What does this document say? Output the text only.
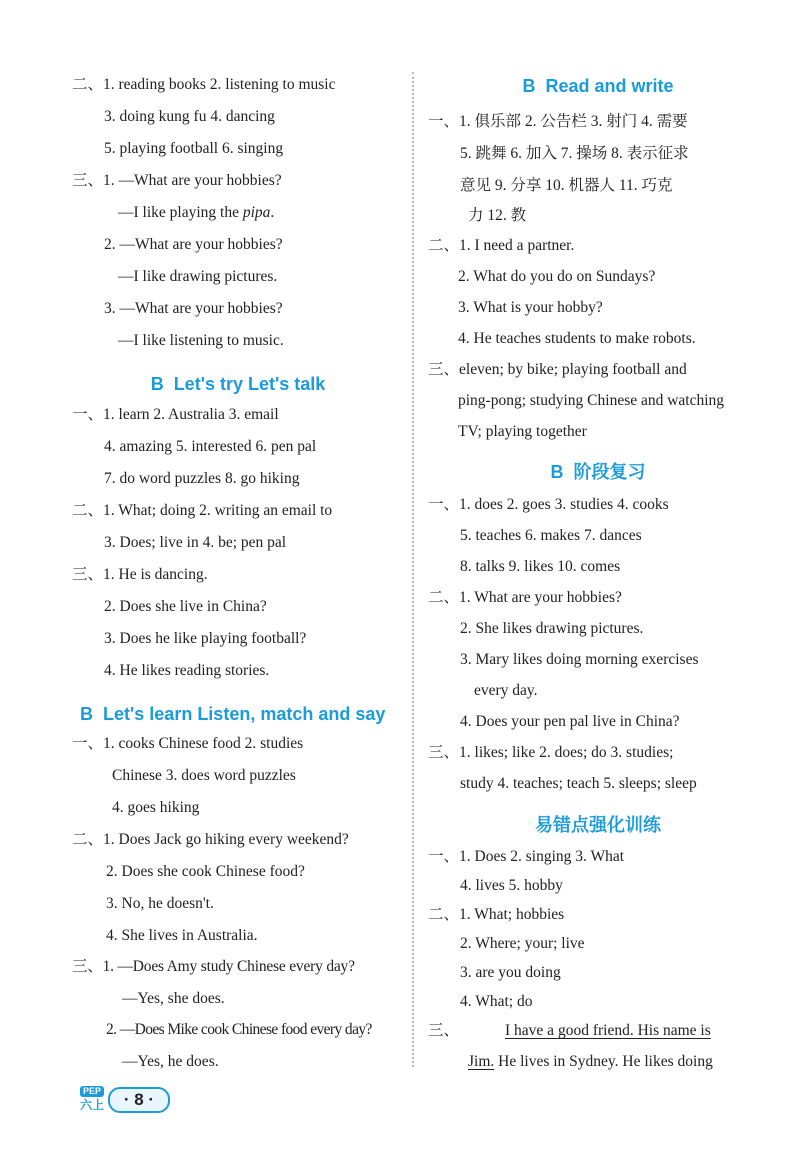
二、1. reading books 2. listening to music
3. doing kung fu 4. dancing
5. playing football 6. singing
三、1. —What are your hobbies?
—I like playing the pipa.
2. —What are your hobbies?
—I like drawing pictures.
3. —What are your hobbies?
—I like listening to music.
B Let's try Let's talk
一、1. learn 2. Australia 3. email
4. amazing 5. interested 6. pen pal
7. do word puzzles 8. go hiking
二、1. What; doing 2. writing an email to
3. Does; live in 4. be; pen pal
三、1. He is dancing.
2. Does she live in China?
3. Does he like playing football?
4. He likes reading stories.
B Let's learn Listen, match and say
一、1. cooks Chinese food 2. studies
Chinese 3. does word puzzles
4. goes hiking
二、1. Does Jack go hiking every weekend?
2. Does she cook Chinese food?
3. No, he doesn't.
4. She lives in Australia.
三、1. —Does Amy study Chinese every day?
—Yes, she does.
2. —Does Mike cook Chinese food every day?
—Yes, he does.
B Read and write
一、1. 俱乐部 2. 公告栏 3. 射门 4. 需要
5. 跳舞 6. 加入 7. 操场 8. 表示征求
意见 9. 分享 10. 机器人 11. 巧克
力 12. 教
二、1. I need a partner.
2. What do you do on Sundays?
3. What is your hobby?
4. He teaches students to make robots.
三、eleven; by bike; playing football and
ping-pong; studying Chinese and watching
TV; playing together
B 阶段复习
一、1. does 2. goes 3. studies 4. cooks
5. teaches 6. makes 7. dances
8. talks 9. likes 10. comes
二、1. What are your hobbies?
2. She likes drawing pictures.
3. Mary likes doing morning exercises
every day.
4. Does your pen pal live in China?
三、1. likes; like 2. does; do 3. studies;
study 4. teaches; teach 5. sleeps; sleep
易错点强化训练
一、1. Does 2. singing 3. What
4. lives 5. hobby
二、1. What; hobbies
2. Where; your; live
3. are you doing
4. What; do
三、	I have a good friend. His name is
Jim. He lives in Sydney. He likes doing
PEP
六上	· 8 ·
